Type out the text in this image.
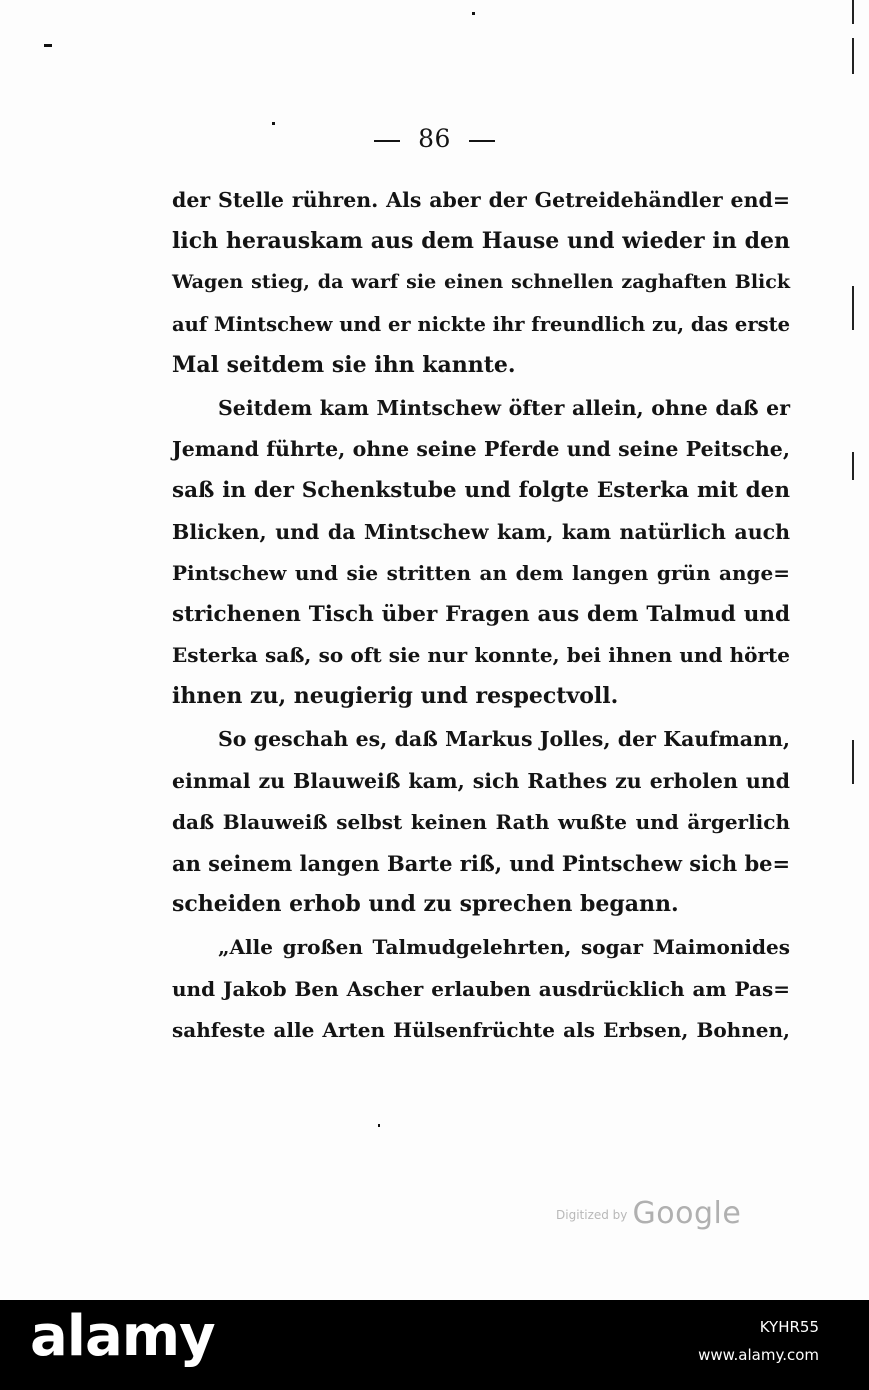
86
der Stelle rühren. Als aber der Getreidehändler end=
lich herauskam aus dem Hause und wieder in den
Wagen stieg, da warf sie einen schnellen zaghaften Blick
auf Mintschew und er nickte ihr freundlich zu, das erste
Mal seitdem sie ihn kannte.
Seitdem kam Mintschew öfter allein, ohne daß er
Jemand führte, ohne seine Pferde und seine Peitsche,
saß in der Schenkstube und folgte Esterka mit den
Blicken, und da Mintschew kam, kam natürlich auch
Pintschew und sie stritten an dem langen grün ange=
strichenen Tisch über Fragen aus dem Talmud und
Esterka saß, so oft sie nur konnte, bei ihnen und hörte
ihnen zu, neugierig und respectvoll.
So geschah es, daß Markus Jolles, der Kaufmann,
einmal zu Blauweiß kam, sich Rathes zu erholen und
daß Blauweiß selbst keinen Rath wußte und ärgerlich
an seinem langen Barte riß, und Pintschew sich be=
scheiden erhob und zu sprechen begann.
„Alle großen Talmudgelehrten, sogar Maimonides
und Jakob Ben Ascher erlauben ausdrücklich am Pas=
sahfeste alle Arten Hülsenfrüchte als Erbsen, Bohnen,
$^{Digitized by}$ Google
alamy	KYHR55
www.alamy.com
